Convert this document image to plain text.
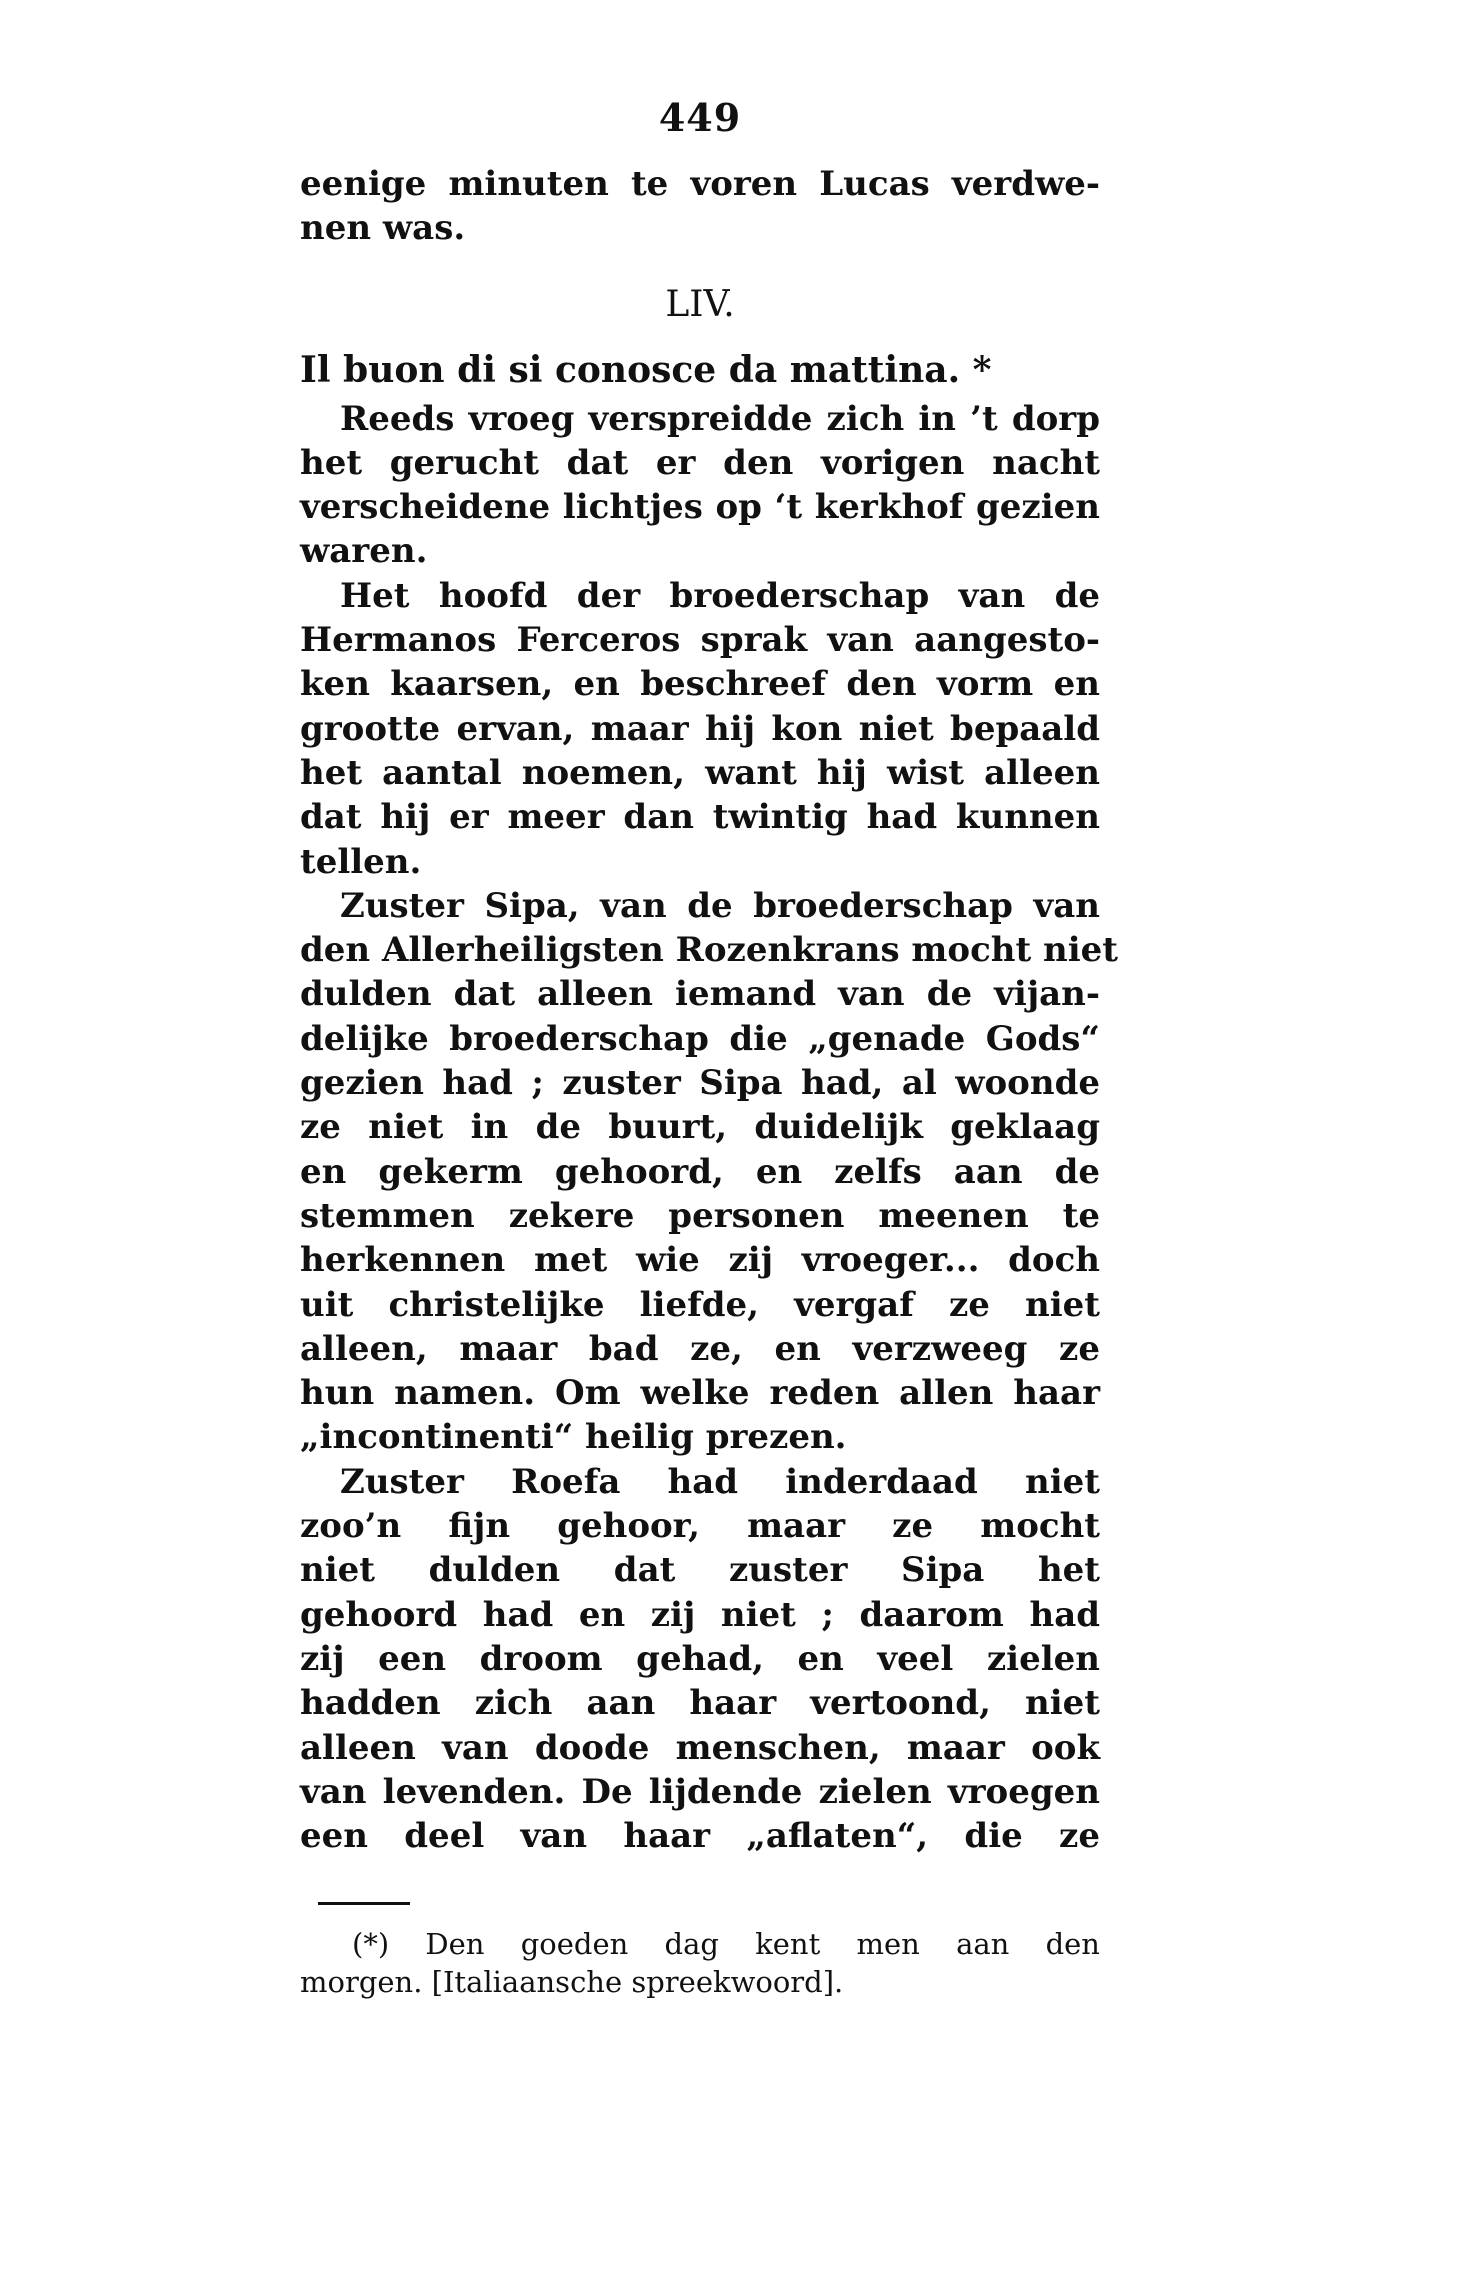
449
eenige minuten te voren Lucas verdwe-
nen was.
LIV.
Il buon di si conosce da mattina. *
Reeds vroeg verspreidde zich in ’t dorp
het gerucht dat er den vorigen nacht
verscheidene lichtjes op ‘t kerkhof gezien
waren.
Het hoofd der broederschap van de
Hermanos Ferceros sprak van aangesto-
ken kaarsen, en beschreef den vorm en
grootte ervan, maar hij kon niet bepaald
het aantal noemen, want hij wist alleen
dat hij er meer dan twintig had kunnen
tellen.
Zuster Sipa, van de broederschap van
den Allerheiligsten Rozenkrans mocht niet
dulden dat alleen iemand van de vijan-
delijke broederschap die „genade Gods“
gezien had ; zuster Sipa had, al woonde
ze niet in de buurt, duidelijk geklaag
en gekerm gehoord, en zelfs aan de
stemmen zekere personen meenen te
herkennen met wie zij vroeger... doch
uit christelijke liefde, vergaf ze niet
alleen, maar bad ze, en verzweeg ze
hun namen. Om welke reden allen haar
„incontinenti“ heilig prezen.
Zuster Roefa had inderdaad niet
zoo’n fijn gehoor, maar ze mocht
niet dulden dat zuster Sipa het
gehoord had en zij niet ; daarom had
zij een droom gehad, en veel zielen
hadden zich aan haar vertoond, niet
alleen van doode menschen, maar ook
van levenden. De lijdende zielen vroegen
een deel van haar „aflaten“, die ze
(*) Den goeden dag kent men aan den
morgen. [Italiaansche spreekwoord].
